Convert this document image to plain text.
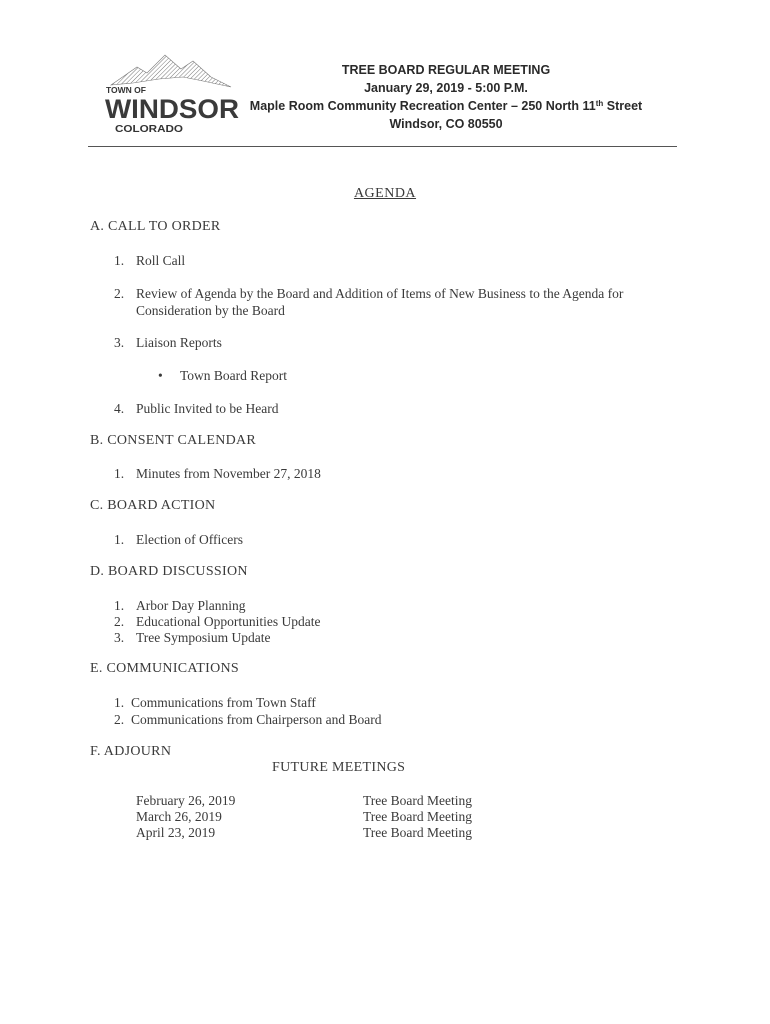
TOWN OF
WINDSOR
COLORADO
TREE BOARD REGULAR MEETING
January 29, 2019 - 5:00 P.M.
Maple Room Community Recreation Center – 250 North 11th Street
Windsor, CO 80550
AGENDA
A. CALL TO ORDER
1. Roll Call
2. Review of Agenda by the Board and Addition of Items of New Business to the Agenda for
Consideration by the Board
3. Liaison Reports
• Town Board Report
4. Public Invited to be Heard
B. CONSENT CALENDAR
1. Minutes from November 27, 2018
C. BOARD ACTION
1. Election of Officers
D. BOARD DISCUSSION
1. Arbor Day Planning
2. Educational Opportunities Update
3. Tree Symposium Update
E. COMMUNICATIONS
1. Communications from Town Staff
2. Communications from Chairperson and Board
F. ADJOURN
FUTURE MEETINGS
February 26, 2019	Tree Board Meeting
March 26, 2019	Tree Board Meeting
April 23, 2019	Tree Board Meeting
